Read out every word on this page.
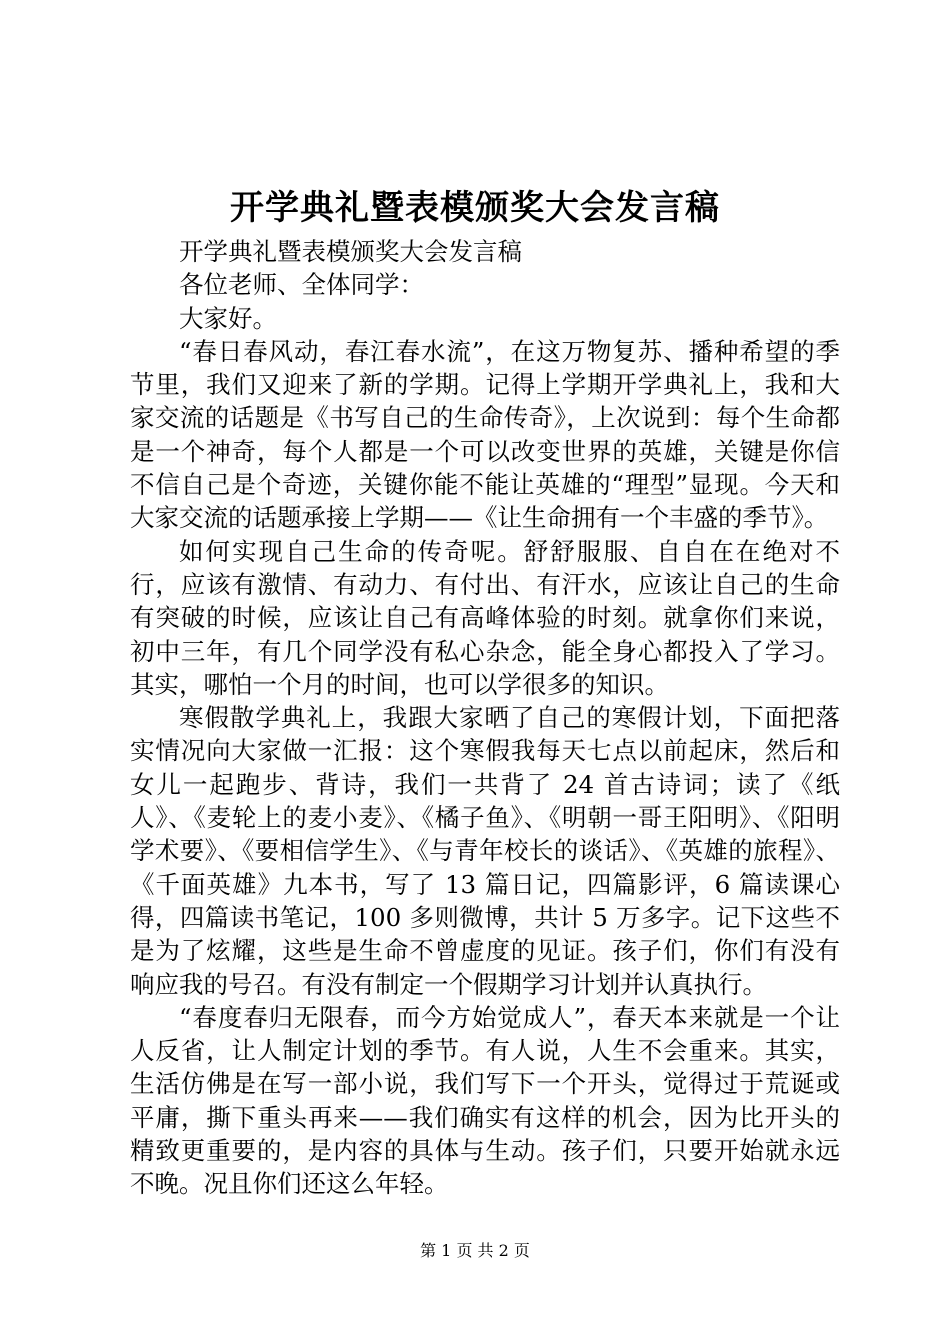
开学典礼暨表模颁奖大会发言稿

开学典礼暨表模颁奖大会发言稿

各位老师、全体同学：

大家好。

“春日春风动，春江春水流”，在这万物复苏、播种希望的季节里，我们又迎来了新的学期。记得上学期开学典礼上，我和大家交流的话题是《书写自己的生命传奇》，上次说到：每个生命都是一个神奇，每个人都是一个可以改变世界的英雄，关键是你信不信自己是个奇迹，关键你能不能让英雄的“理型”显现。今天和大家交流的话题承接上学期——《让生命拥有一个丰盛的季节》。

如何实现自己生命的传奇呢。舒舒服服、自自在在绝对不行，应该有激情、有动力、有付出、有汗水，应该让自己的生命有突破的时候，应该让自己有高峰体验的时刻。就拿你们来说，初中三年，有几个同学没有私心杂念，能全身心都投入了学习。其实，哪怕一个月的时间，也可以学很多的知识。

寒假散学典礼上，我跟大家晒了自己的寒假计划，下面把落实情况向大家做一汇报：这个寒假我每天七点以前起床，然后和女儿一起跑步、背诗，我们一共背了 24 首古诗词；读了《纸人》、《麦轮上的麦小麦》、《橘子鱼》、《明朝一哥王阳明》、《阳明学术要》、《要相信学生》、《与青年校长的谈话》、《英雄的旅程》、《千面英雄》九本书，写了 13 篇日记，四篇影评，6 篇读课心得，四篇读书笔记，100 多则微博，共计 5 万多字。记下这些不是为了炫耀，这些是生命不曾虚度的见证。孩子们，你们有没有响应我的号召。有没有制定一个假期学习计划并认真执行。

“春度春归无限春，而今方始觉成人”，春天本来就是一个让人反省，让人制定计划的季节。有人说，人生不会重来。其实，生活仿佛是在写一部小说，我们写下一个开头，觉得过于荒诞或平庸，撕下重头再来——我们确实有这样的机会，因为比开头的精致更重要的，是内容的具体与生动。孩子们，只要开始就永远不晚。况且你们还这么年轻。

第 1 页 共 2 页
